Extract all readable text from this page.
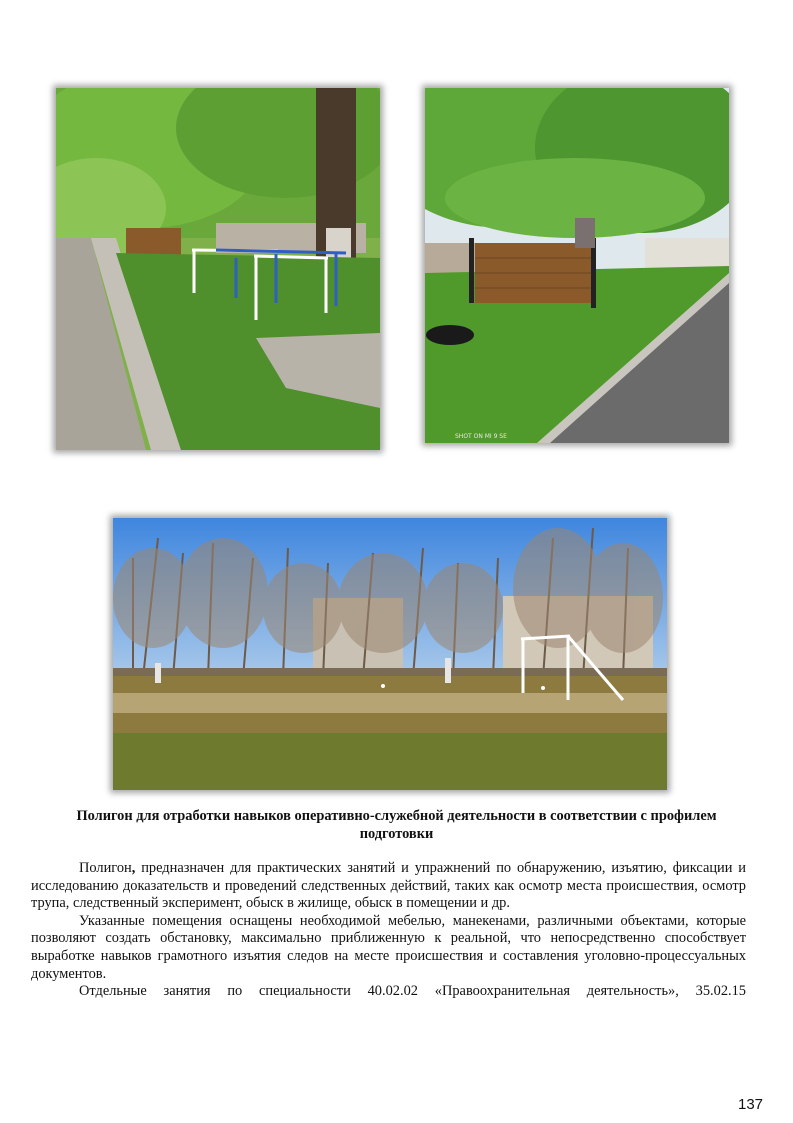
SHOT ON MI 9 SE
Полигон для отработки навыков оперативно-служебной деятельности в соответствии с профилем
подготовки

Полигон, предназначен для практических занятий и упражнений по обнаружению, изъятию, фиксации и исследованию доказательств и проведений следственных действий, таких как осмотр места происшествия, осмотр трупа, следственный эксперимент, обыск в жилище, обыск в помещении и др.

Указанные помещения оснащены необходимой мебелью, манекенами, различными объектами, которые позволяют создать обстановку, максимально приближенную к реальной, что непосредственно способствует выработке навыков грамотного изъятия следов на месте происшествия и составления уголовно-процессуальных документов.

Отдельные занятия по специальности 40.02.02 «Правоохранительная деятельность», 35.02.15

137
